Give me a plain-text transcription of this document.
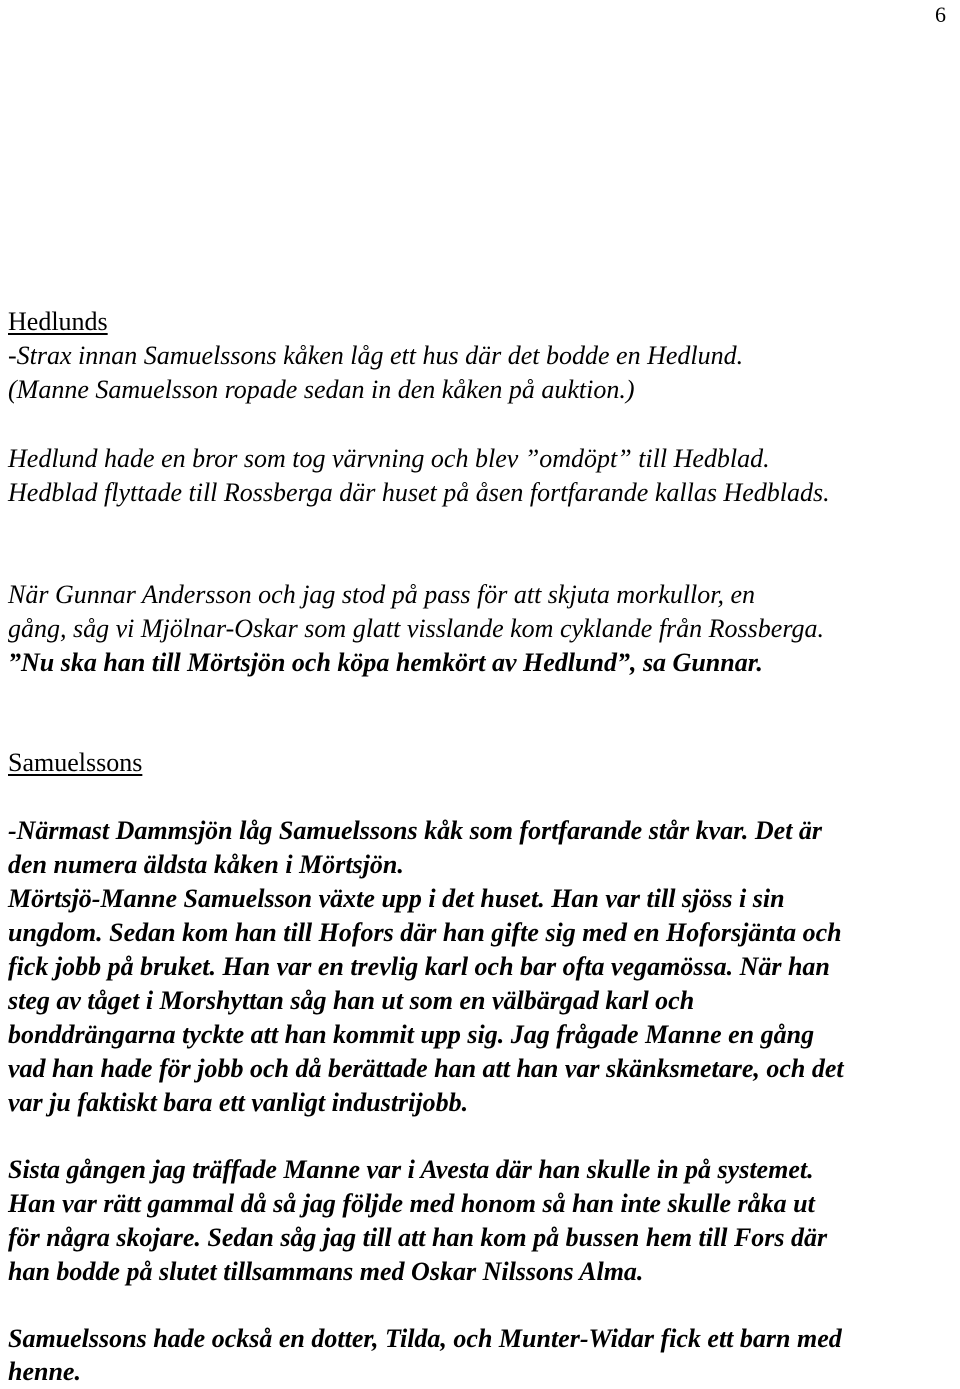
6
Hedlunds
-Strax innan Samuelssons kåken låg ett hus där det bodde en Hedlund.
(Manne Samuelsson ropade sedan in den kåken på auktion.)
Hedlund hade en bror som tog värvning och blev ”omdöpt” till Hedblad.
Hedblad flyttade till Rossberga där huset på åsen fortfarande kallas Hedblads.
När Gunnar Andersson och jag stod på pass för att skjuta morkullor, en
gång, såg vi Mjölnar-Oskar som glatt visslande kom cyklande från Rossberga.
”Nu ska han till Mörtsjön och köpa hemkört av Hedlund”, sa Gunnar.
Samuelssons
-Närmast Dammsjön låg Samuelssons kåk som fortfarande står kvar. Det är
den numera äldsta kåken i Mörtsjön.
Mörtsjö-Manne Samuelsson växte upp i det huset. Han var till sjöss i sin
ungdom. Sedan kom han till Hofors där han gifte sig med en Hoforsjänta och
fick jobb på bruket. Han var en trevlig karl och bar ofta vegamössa. När han
steg av tåget i Morshyttan såg han ut som en välbärgad karl och
bonddrängarna tyckte att han kommit upp sig. Jag frågade Manne en gång
vad han hade för jobb och då berättade han att han var skänksmetare, och det
var ju faktiskt bara ett vanligt industrijobb.
Sista gången jag träffade Manne var i Avesta där han skulle in på systemet.
Han var rätt gammal då så jag följde med honom så han inte skulle råka ut
för några skojare. Sedan såg jag till att han kom på bussen hem till Fors där
han bodde på slutet tillsammans med Oskar Nilssons Alma.
Samuelssons hade också en dotter, Tilda, och Munter-Widar fick ett barn med
henne.
